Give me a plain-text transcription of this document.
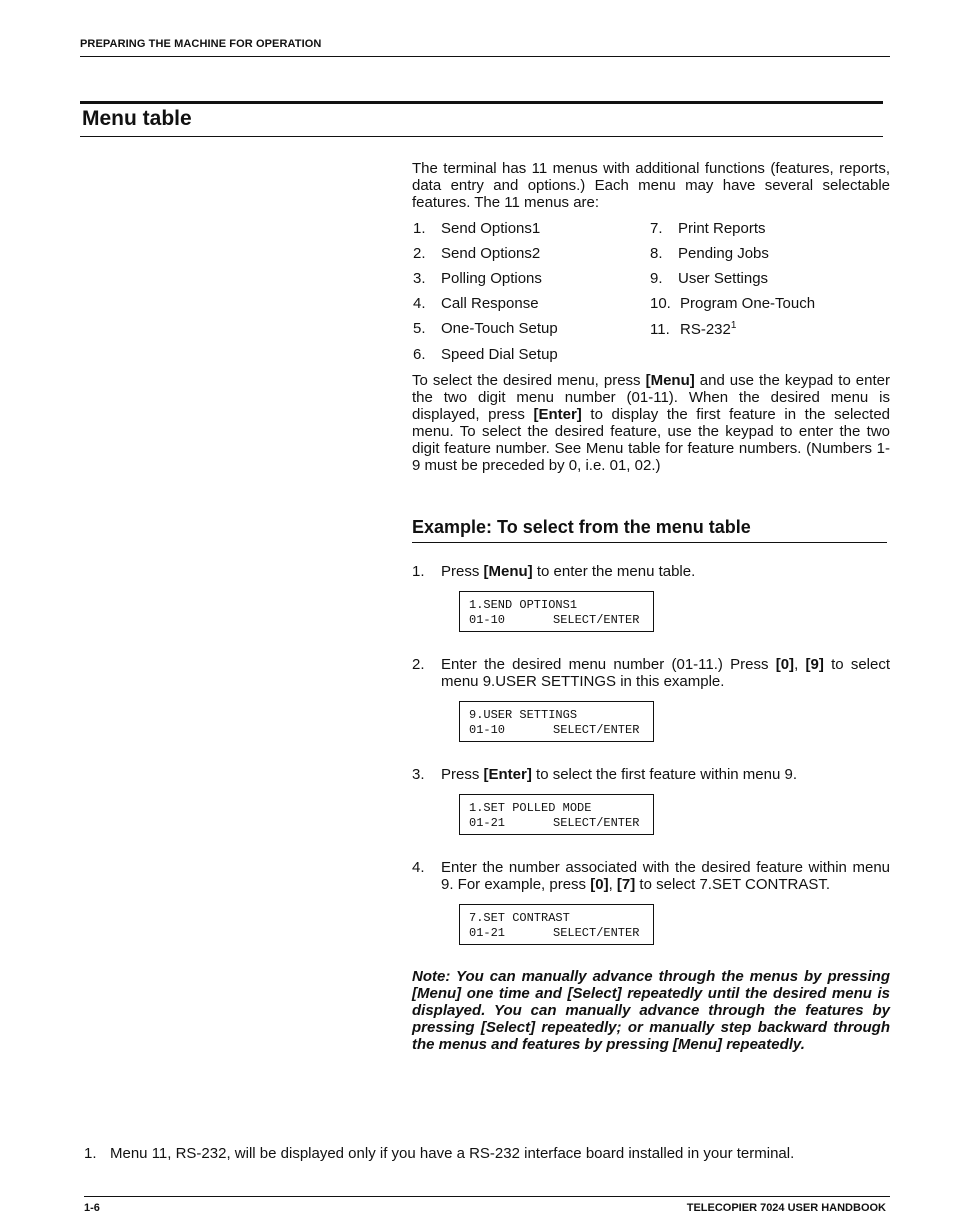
PREPARING THE MACHINE FOR OPERATION
Menu table
The terminal has 11 menus with additional functions (features, reports, data entry and options.) Each menu may have several selectable features. The 11 menus are:
1. Send Options1
2. Send Options2
3. Polling Options
4. Call Response
5. One-Touch Setup
6. Speed Dial Setup
7. Print Reports
8. Pending Jobs
9. User Settings
10. Program One-Touch
11. $RS-232^1$
To select the desired menu, press [Menu] and use the keypad to enter the two digit menu number (01-11). When the desired menu is displayed, press [Enter] to display the first feature in the selected menu. To select the desired feature, use the keypad to enter the two digit feature number. See Menu table for feature numbers. (Numbers 1-9 must be preceded by 0, i.e. 01, 02.)
Example: To select from the menu table
1. Press [Menu] to enter the menu table.
1.SEND OPTIONS1
01-10	SELECT/ENTER
2. Enter the desired menu number (01-11.) Press [0], [9] to select menu 9.USER SETTINGS in this example.
9.USER SETTINGS
01-10	SELECT/ENTER
3. Press [Enter] to select the first feature within menu 9.
1.SET POLLED MODE
01-21	SELECT/ENTER
4. Enter the number associated with the desired feature within menu 9. For example, press [0], [7] to select 7.SET CONTRAST.
7.SET CONTRAST
01-21	SELECT/ENTER
Note: You can manually advance through the menus by pressing [Menu] one time and [Select] repeatedly until the desired menu is displayed. You can manually advance through the features by pressing [Select] repeatedly; or manually step backward through the menus and features by pressing [Menu] repeatedly.
1. Menu 11, RS-232, will be displayed only if you have a RS-232 interface board installed in your terminal.
1-6	TELECOPIER 7024 USER HANDBOOK
